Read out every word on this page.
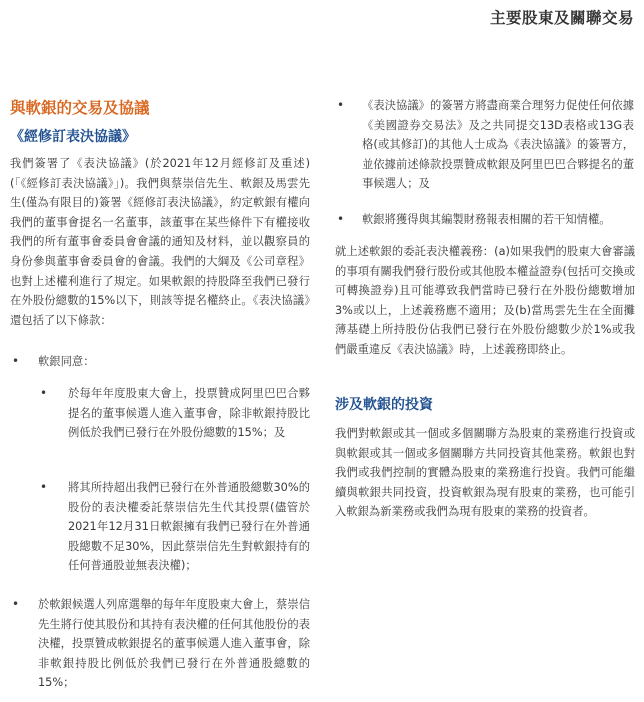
主要股東及關聯交易
與軟銀的交易及協議
《經修訂表決協議》

我們簽署了《表決協議》(於2021年12月經修訂及重述)(「《經修訂表決協議》」)。我們與蔡崇信先生、軟銀及馬雲先生(僅為有限目的)簽署《經修訂表決協議》，約定軟銀有權向我們的董事會提名一名董事，該董事在某些條件下有權接收我們的所有董事會委員會會議的通知及材料，並以觀察員的身份參與董事會委員會的會議。我們的大綱及《公司章程》也對上述權利進行了規定。如果軟銀的持股降至我們已發行在外股份總數的15%以下，則該等提名權終止。《表決協議》還包括了以下條款：

• 軟銀同意：

• 於每年年度股東大會上，投票贊成阿里巴巴合夥提名的董事候選人進入董事會，除非軟銀持股比例低於我們已發行在外股份總數的15%；及

• 將其所持超出我們已發行在外普通股總數30%的股份的表決權委託蔡崇信先生代其投票(儘管於2021年12月31日軟銀擁有我們已發行在外普通股總數不足30%，因此蔡崇信先生對軟銀持有的任何普通股並無表決權)；

• 於軟銀候選人列席選舉的每年年度股東大會上，蔡崇信先生將行使其股份和其持有表決權的任何其他股份的表決權，投票贊成軟銀提名的董事候選人進入董事會，除非軟銀持股比例低於我們已發行在外普通股總數的15%；

• 《表決協議》的簽署方將盡商業合理努力促使任何依據《美國證券交易法》及之共同提交13D表格或13G表格(或其修訂)的其他人士成為《表決協議》的簽署方，並依據前述條款投票贊成軟銀及阿里巴巴合夥提名的董事候選人；及

• 軟銀將獲得與其編製財務報表相關的若干知情權。

就上述軟銀的委託表決權義務：(a)如果我們的股東大會審議的事項有關我們發行股份或其他股本權益證券(包括可交換或可轉換證券)且可能導致我們當時已發行在外股份總數增加3%或以上，上述義務應不適用；及(b)當馬雲先生在全面攤薄基礎上所持股份佔我們已發行在外股份總數少於1%或我們嚴重違反《表決協議》時，上述義務即終止。

涉及軟銀的投資

我們對軟銀或其一個或多個關聯方為股東的業務進行投資或與軟銀或其一個或多個關聯方共同投資其他業務。軟銀也對我們或我們控制的實體為股東的業務進行投資。我們可能繼續與軟銀共同投資，投資軟銀為現有股東的業務，也可能引入軟銀為新業務或我們為現有股東的業務的投資者。
